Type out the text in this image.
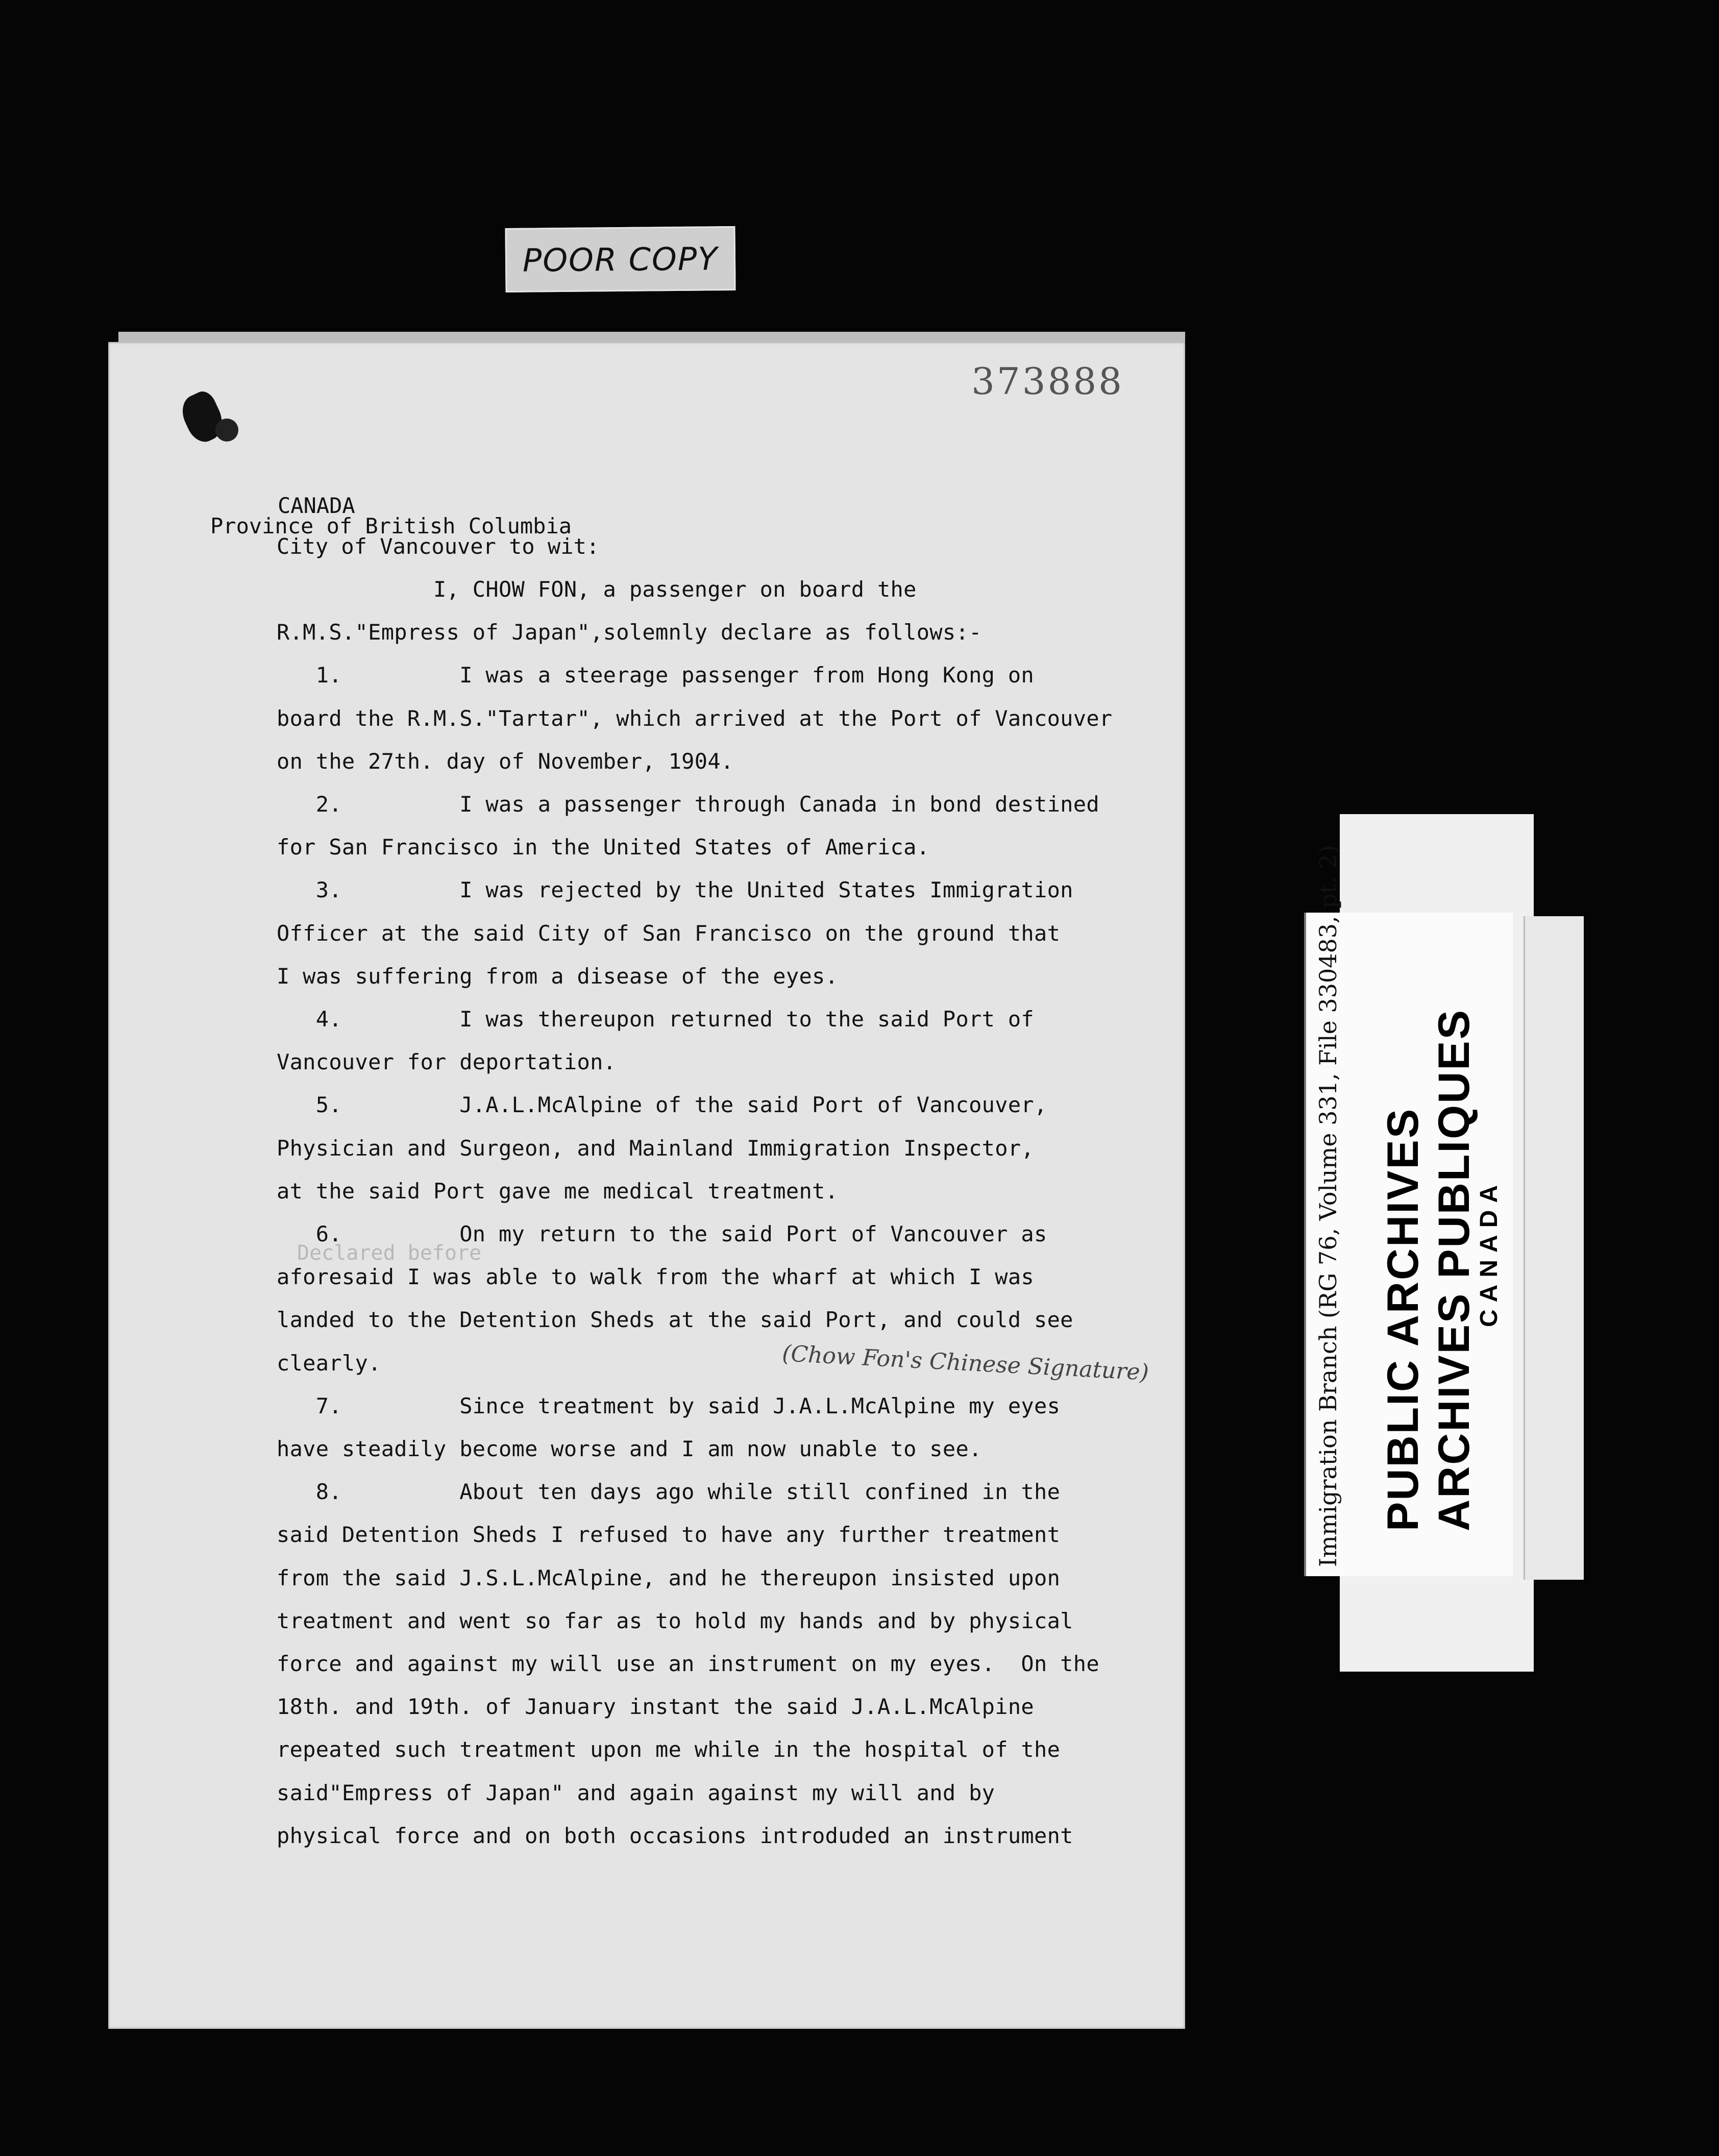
POOR COPY
373888
CANADA
Province of British Columbia
City of Vancouver to wit:
I, CHOW FON, a passenger on board the
R.M.S."Empress of Japan",solemnly declare as follows:-
1.         I was a steerage passenger from Hong Kong on
board the R.M.S."Tartar", which arrived at the Port of Vancouver
on the 27th. day of November, 1904.
2.         I was a passenger through Canada in bond destined
for San Francisco in the United States of America.
3.         I was rejected by the United States Immigration
Officer at the said City of San Francisco on the ground that
I was suffering from a disease of the eyes.
4.         I was thereupon returned to the said Port of
Vancouver for deportation.
5.         J.A.L.McAlpine of the said Port of Vancouver,
Physician and Surgeon, and Mainland Immigration Inspector,
at the said Port gave me medical treatment.
6.         On my return to the said Port of Vancouver as
aforesaid I was able to walk from the wharf at which I was
landed to the Detention Sheds at the said Port, and could see
clearly.
7.         Since treatment by said J.A.L.McAlpine my eyes
have steadily become worse and I am now unable to see.
8.         About ten days ago while still confined in the
said Detention Sheds I refused to have any further treatment
from the said J.S.L.McAlpine, and he thereupon insisted upon
treatment and went so far as to hold my hands and by physical
force and against my will use an instrument on my eyes.  On the
18th. and 19th. of January instant the said J.A.L.McAlpine
repeated such treatment upon me while in the hospital of the
said"Empress of Japan" and again against my will and by
physical force and on both occasions introduded an instrument
Declared before
(Chow Fon's Chinese Signature)	Immigration Branch (RG 76, Volume 331, File 330483, pt. 2) PUBLIC ARCHIVES ARCHIVES PUBLIQUES
CANADA
